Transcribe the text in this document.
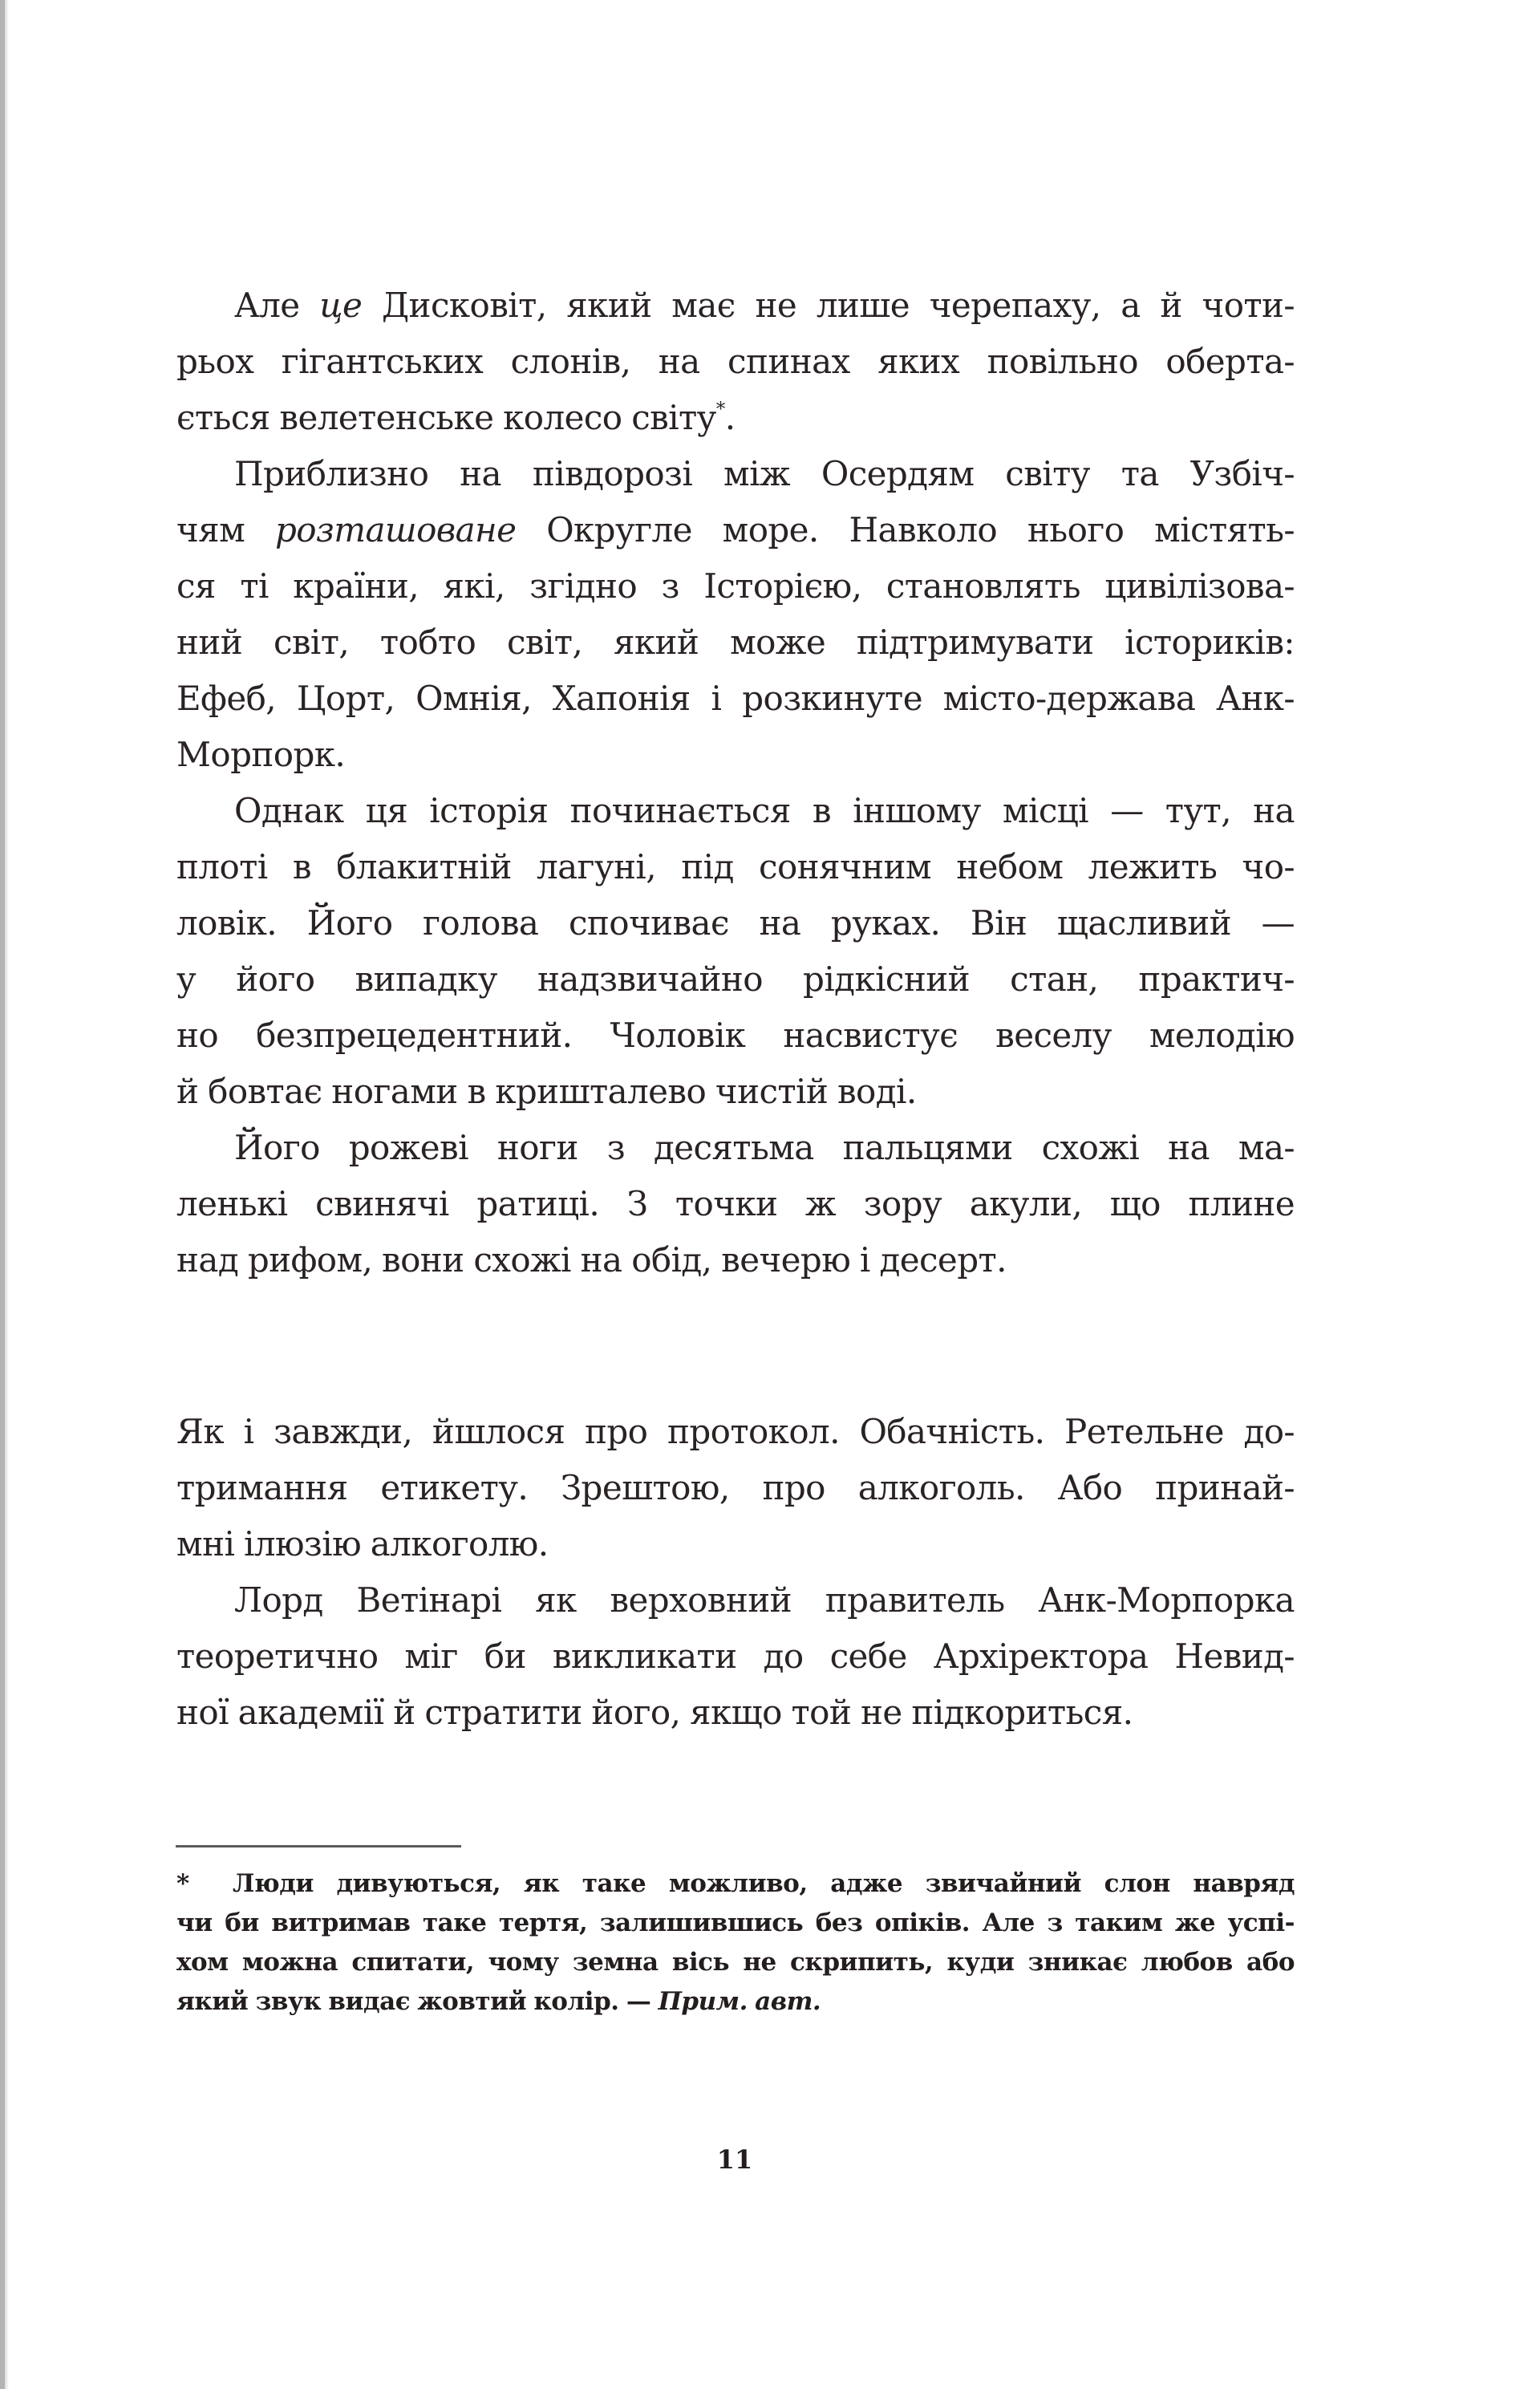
Але це Дисковіт, який має не лише черепаху, а й чоти-
рьох гігантських слонів, на спинах яких повільно оберта-
ється велетенське колесо світу*.
Приблизно на півдорозі між Осердям світу та Узбіч-
чям розташоване Округле море. Навколо нього містять-
ся ті країни, які, згідно з Історією, становлять цивілізова-
ний світ, тобто світ, який може підтримувати істориків:
Ефеб, Цорт, Омнія, Хапонія і розкинуте місто-держава Анк-
Морпорк.
Однак ця історія починається в іншому місці — тут, на
плоті в блакитній лагуні, під сонячним небом лежить чо-
ловік. Його голова спочиває на руках. Він щасливий —
у його випадку надзвичайно рідкісний стан, практич-
но безпрецедентний. Чоловік насвистує веселу мелодію
й бовтає ногами в кришталево чистій воді.
Його рожеві ноги з десятьма пальцями схожі на ма-
ленькі свинячі ратиці. З точки ж зору акули, що плине
над рифом, вони схожі на обід, вечерю і десерт.
Як і завжди, йшлося про протокол. Обачність. Ретельне до-
тримання етикету. Зрештою, про алкоголь. Або принай-
мні ілюзію алкоголю.
Лорд Ветінарі як верховний правитель Анк-Морпорка
теоретично міг би викликати до себе Архіректора Невид-
ної академії й стратити його, якщо той не підкориться.
* Люди дивуються, як таке можливо, адже звичайний слон навряд
чи би витримав таке тертя, залишившись без опіків. Але з таким же успі-
хом можна спитати, чому земна вісь не скрипить, куди зникає любов або
який звук видає жовтий колір. — Прим. авт.
11
